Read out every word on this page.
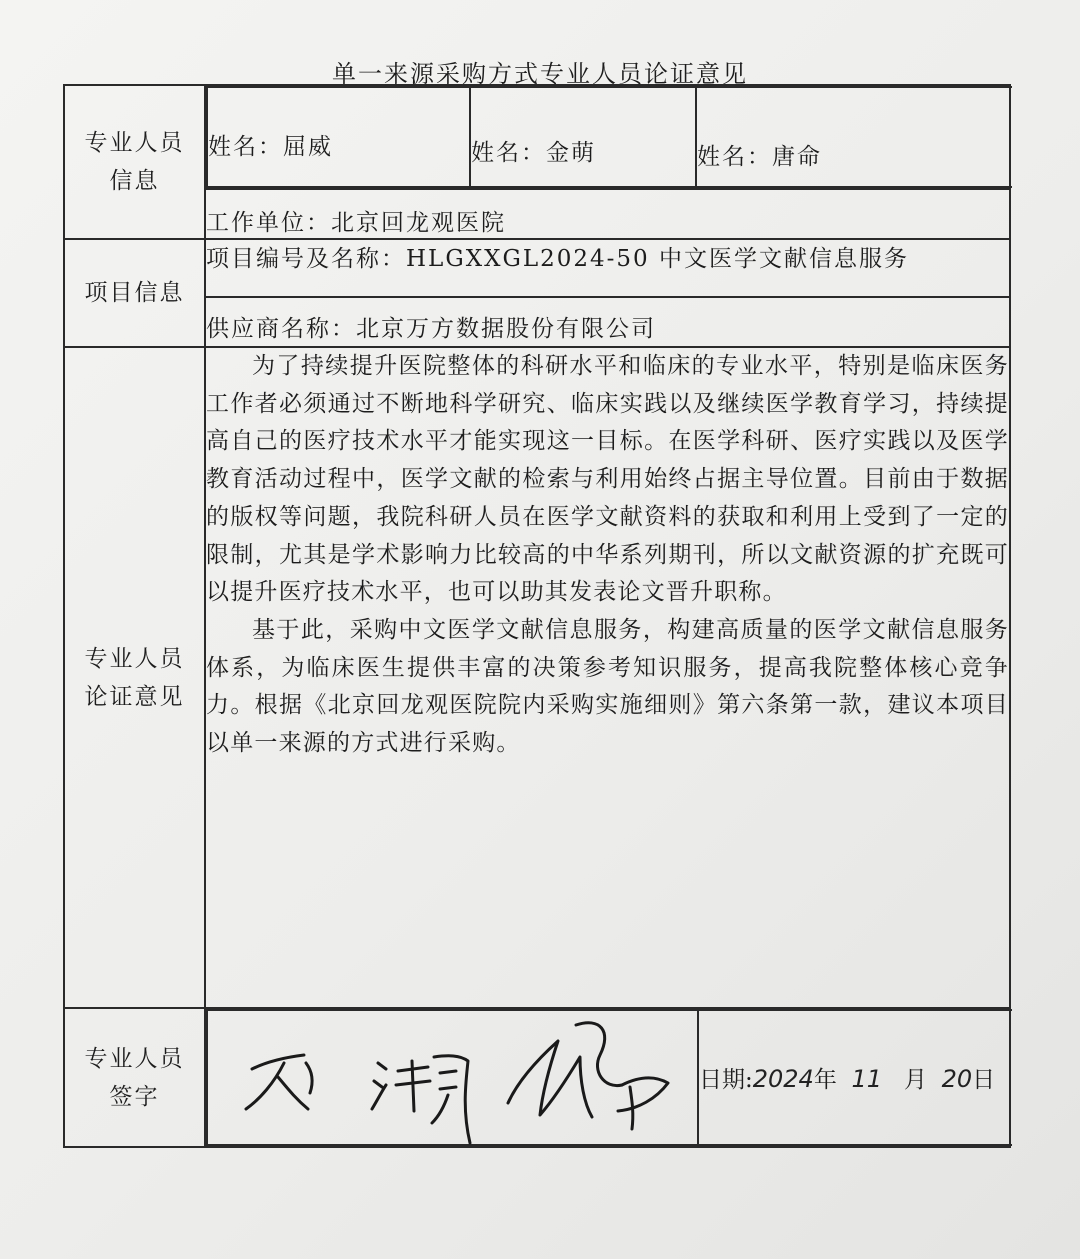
单一来源采购方式专业人员论证意见
专业人员
信息

姓名：屈威	姓名：金萌	姓名：唐命

工作单位：北京回龙观医院
项目信息	项目编号及名称：HLGXXGL2024-50 中文医学文献信息服务
供应商名称：北京万方数据股份有限公司

专业人员
论证意见

为了持续提升医院整体的科研水平和临床的专业水平，特别是临床医务工作者必须通过不断地科学研究、临床实践以及继续医学教育学习，持续提高自己的医疗技术水平才能实现这一目标。在医学科研、医疗实践以及医学教育活动过程中，医学文献的检索与利用始终占据主导位置。目前由于数据的版权等问题，我院科研人员在医学文献资料的获取和利用上受到了一定的限制，尤其是学术影响力比较高的中华系列期刊，所以文献资源的扩充既可以提升医疗技术水平，也可以助其发表论文晋升职称。

基于此，采购中文医学文献信息服务，构建高质量的医学文献信息服务体系，为临床医生提供丰富的决策参考知识服务，提高我院整体核心竞争力。根据《北京回龙观医院院内采购实施细则》第六条第一款，建议本项目以单一来源的方式进行采购。

专业人员
签字

	日期:2024年 11 月 20日
